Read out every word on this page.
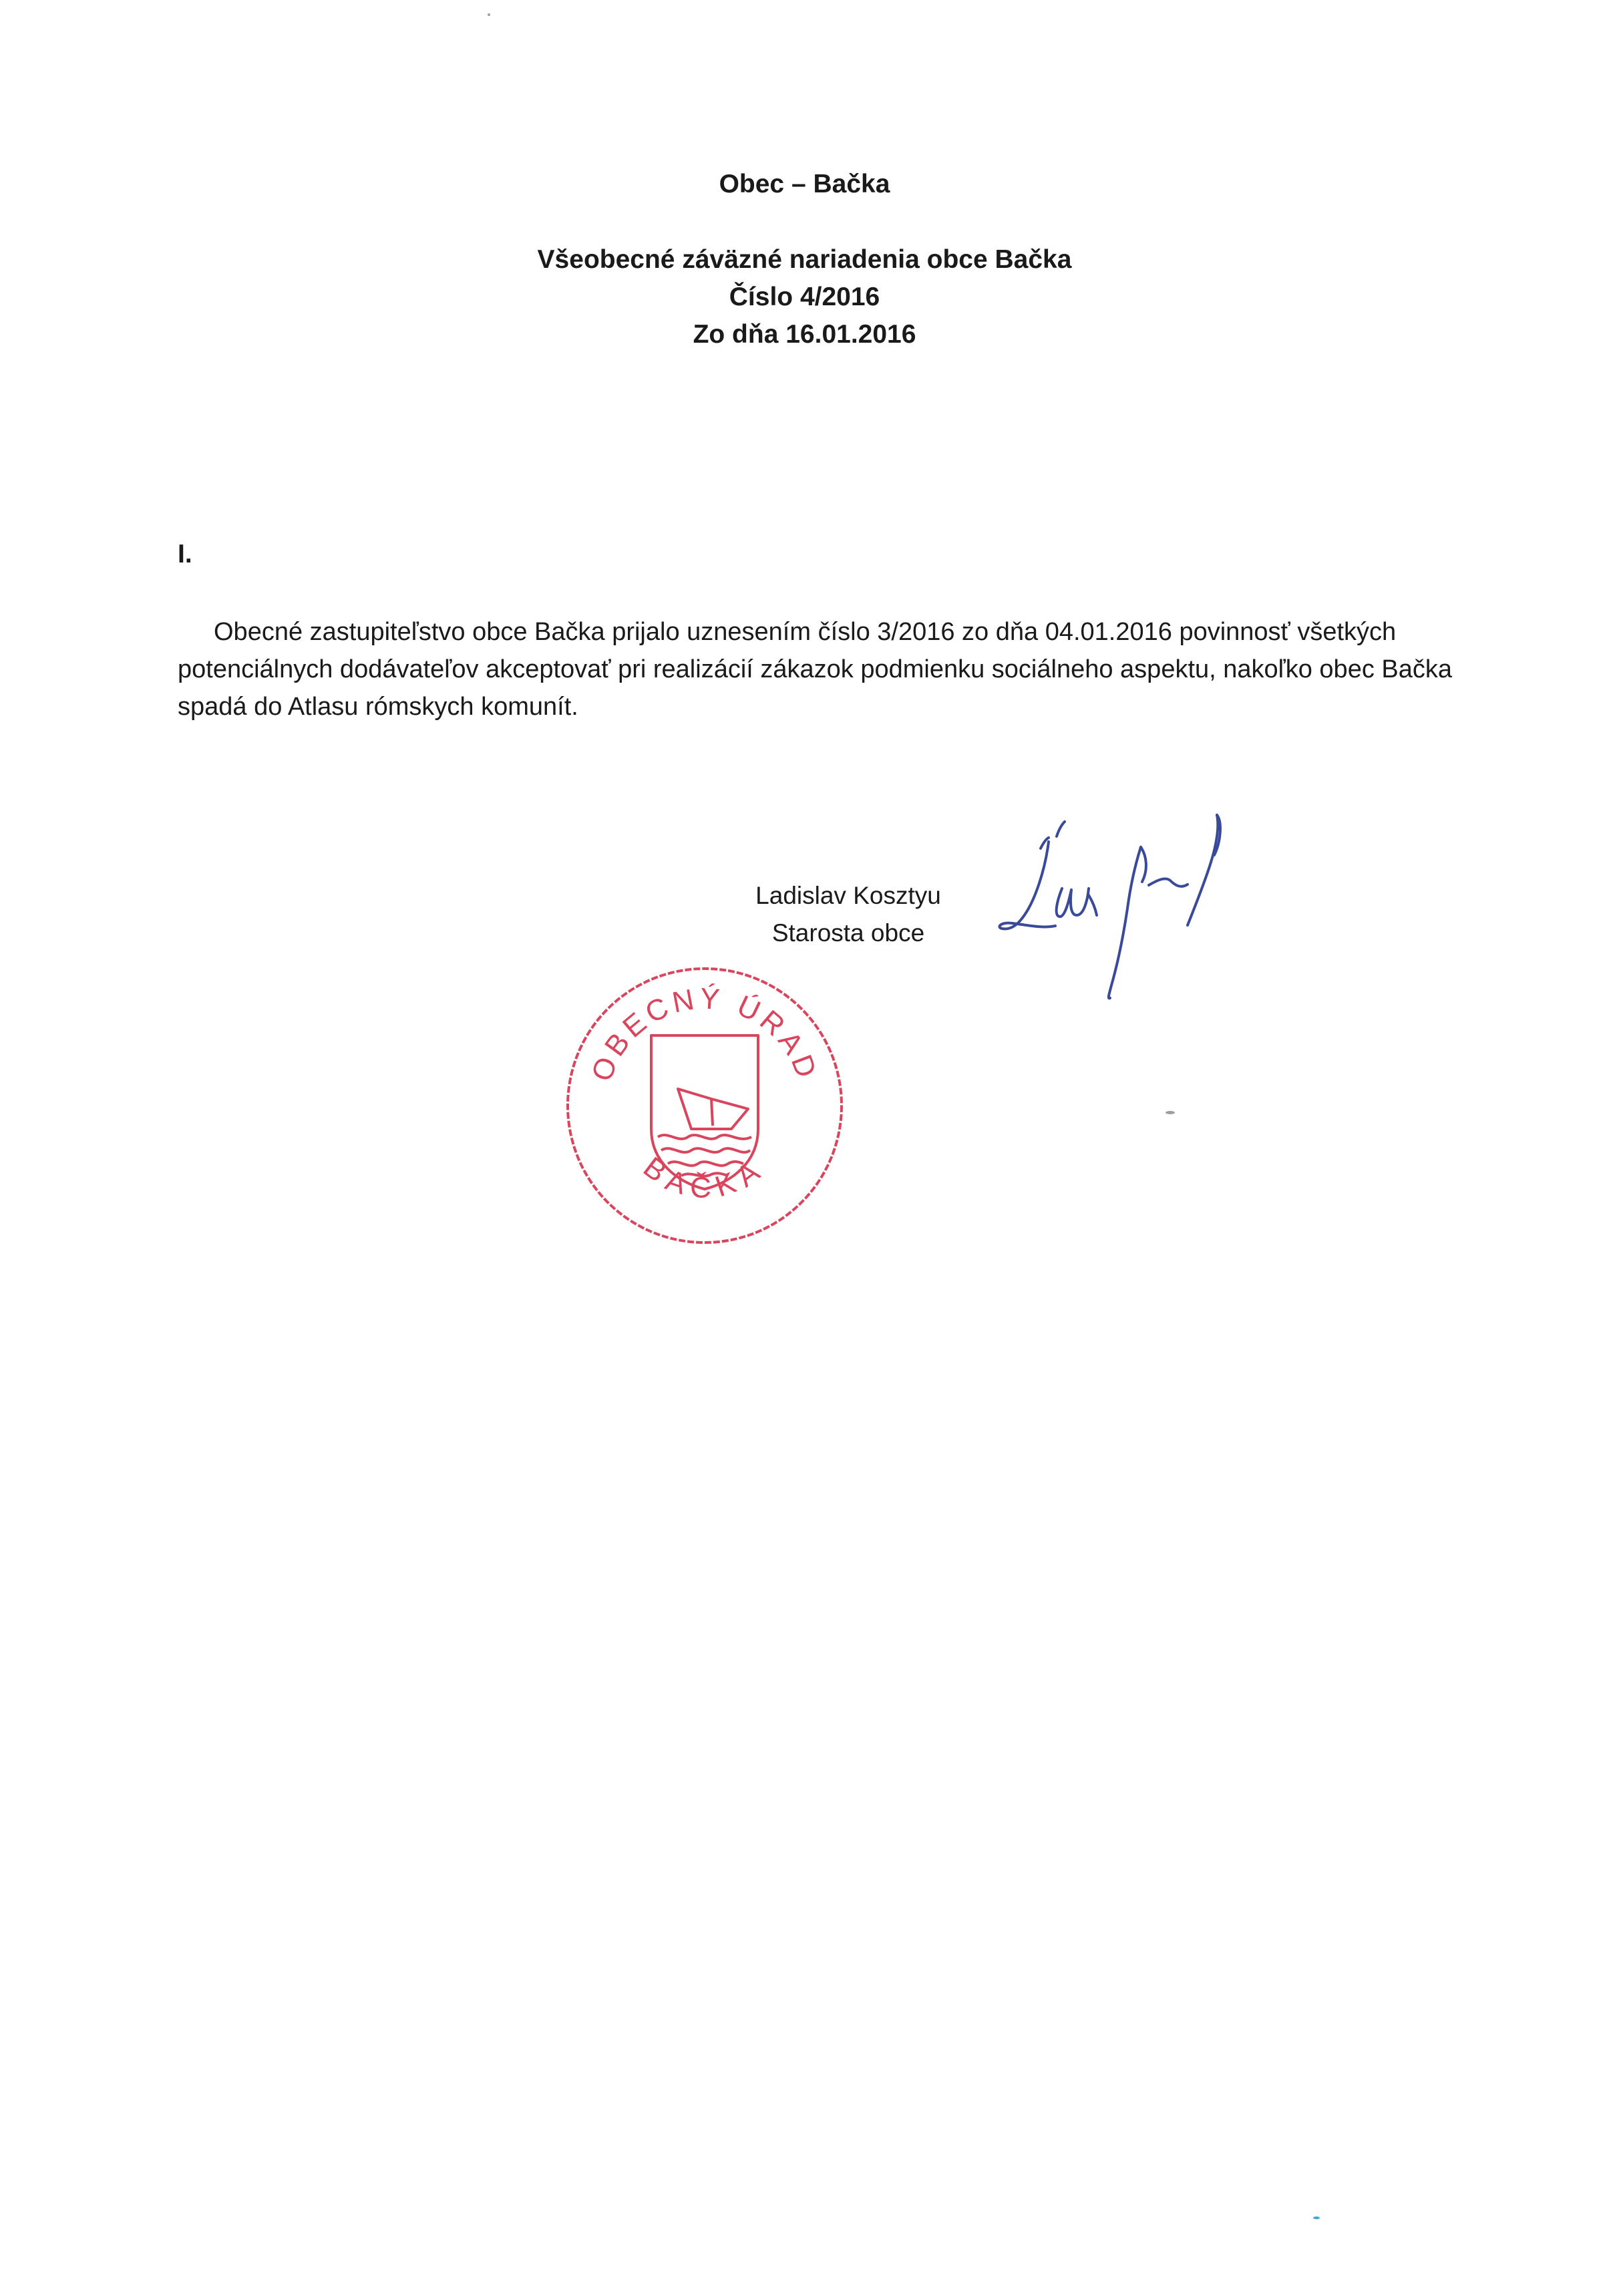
Obec – Bačka
Všeobecné záväzné nariadenia obce Bačka
Číslo 4/2016
Zo dňa 16.01.2016
I.
Obecné zastupiteľstvo obce Bačka prijalo uznesením číslo 3/2016 zo dňa 04.01.2016 povinnosť všetkých potenciálnych dodávateľov akceptovať pri realizácií zákazok podmienku sociálneho aspektu, nakoľko obec Bačka spadá do Atlasu rómskych komunít.
Ladislav Kosztyu
Starosta obce
OBECNÝ ÚRAD
BAČKA
